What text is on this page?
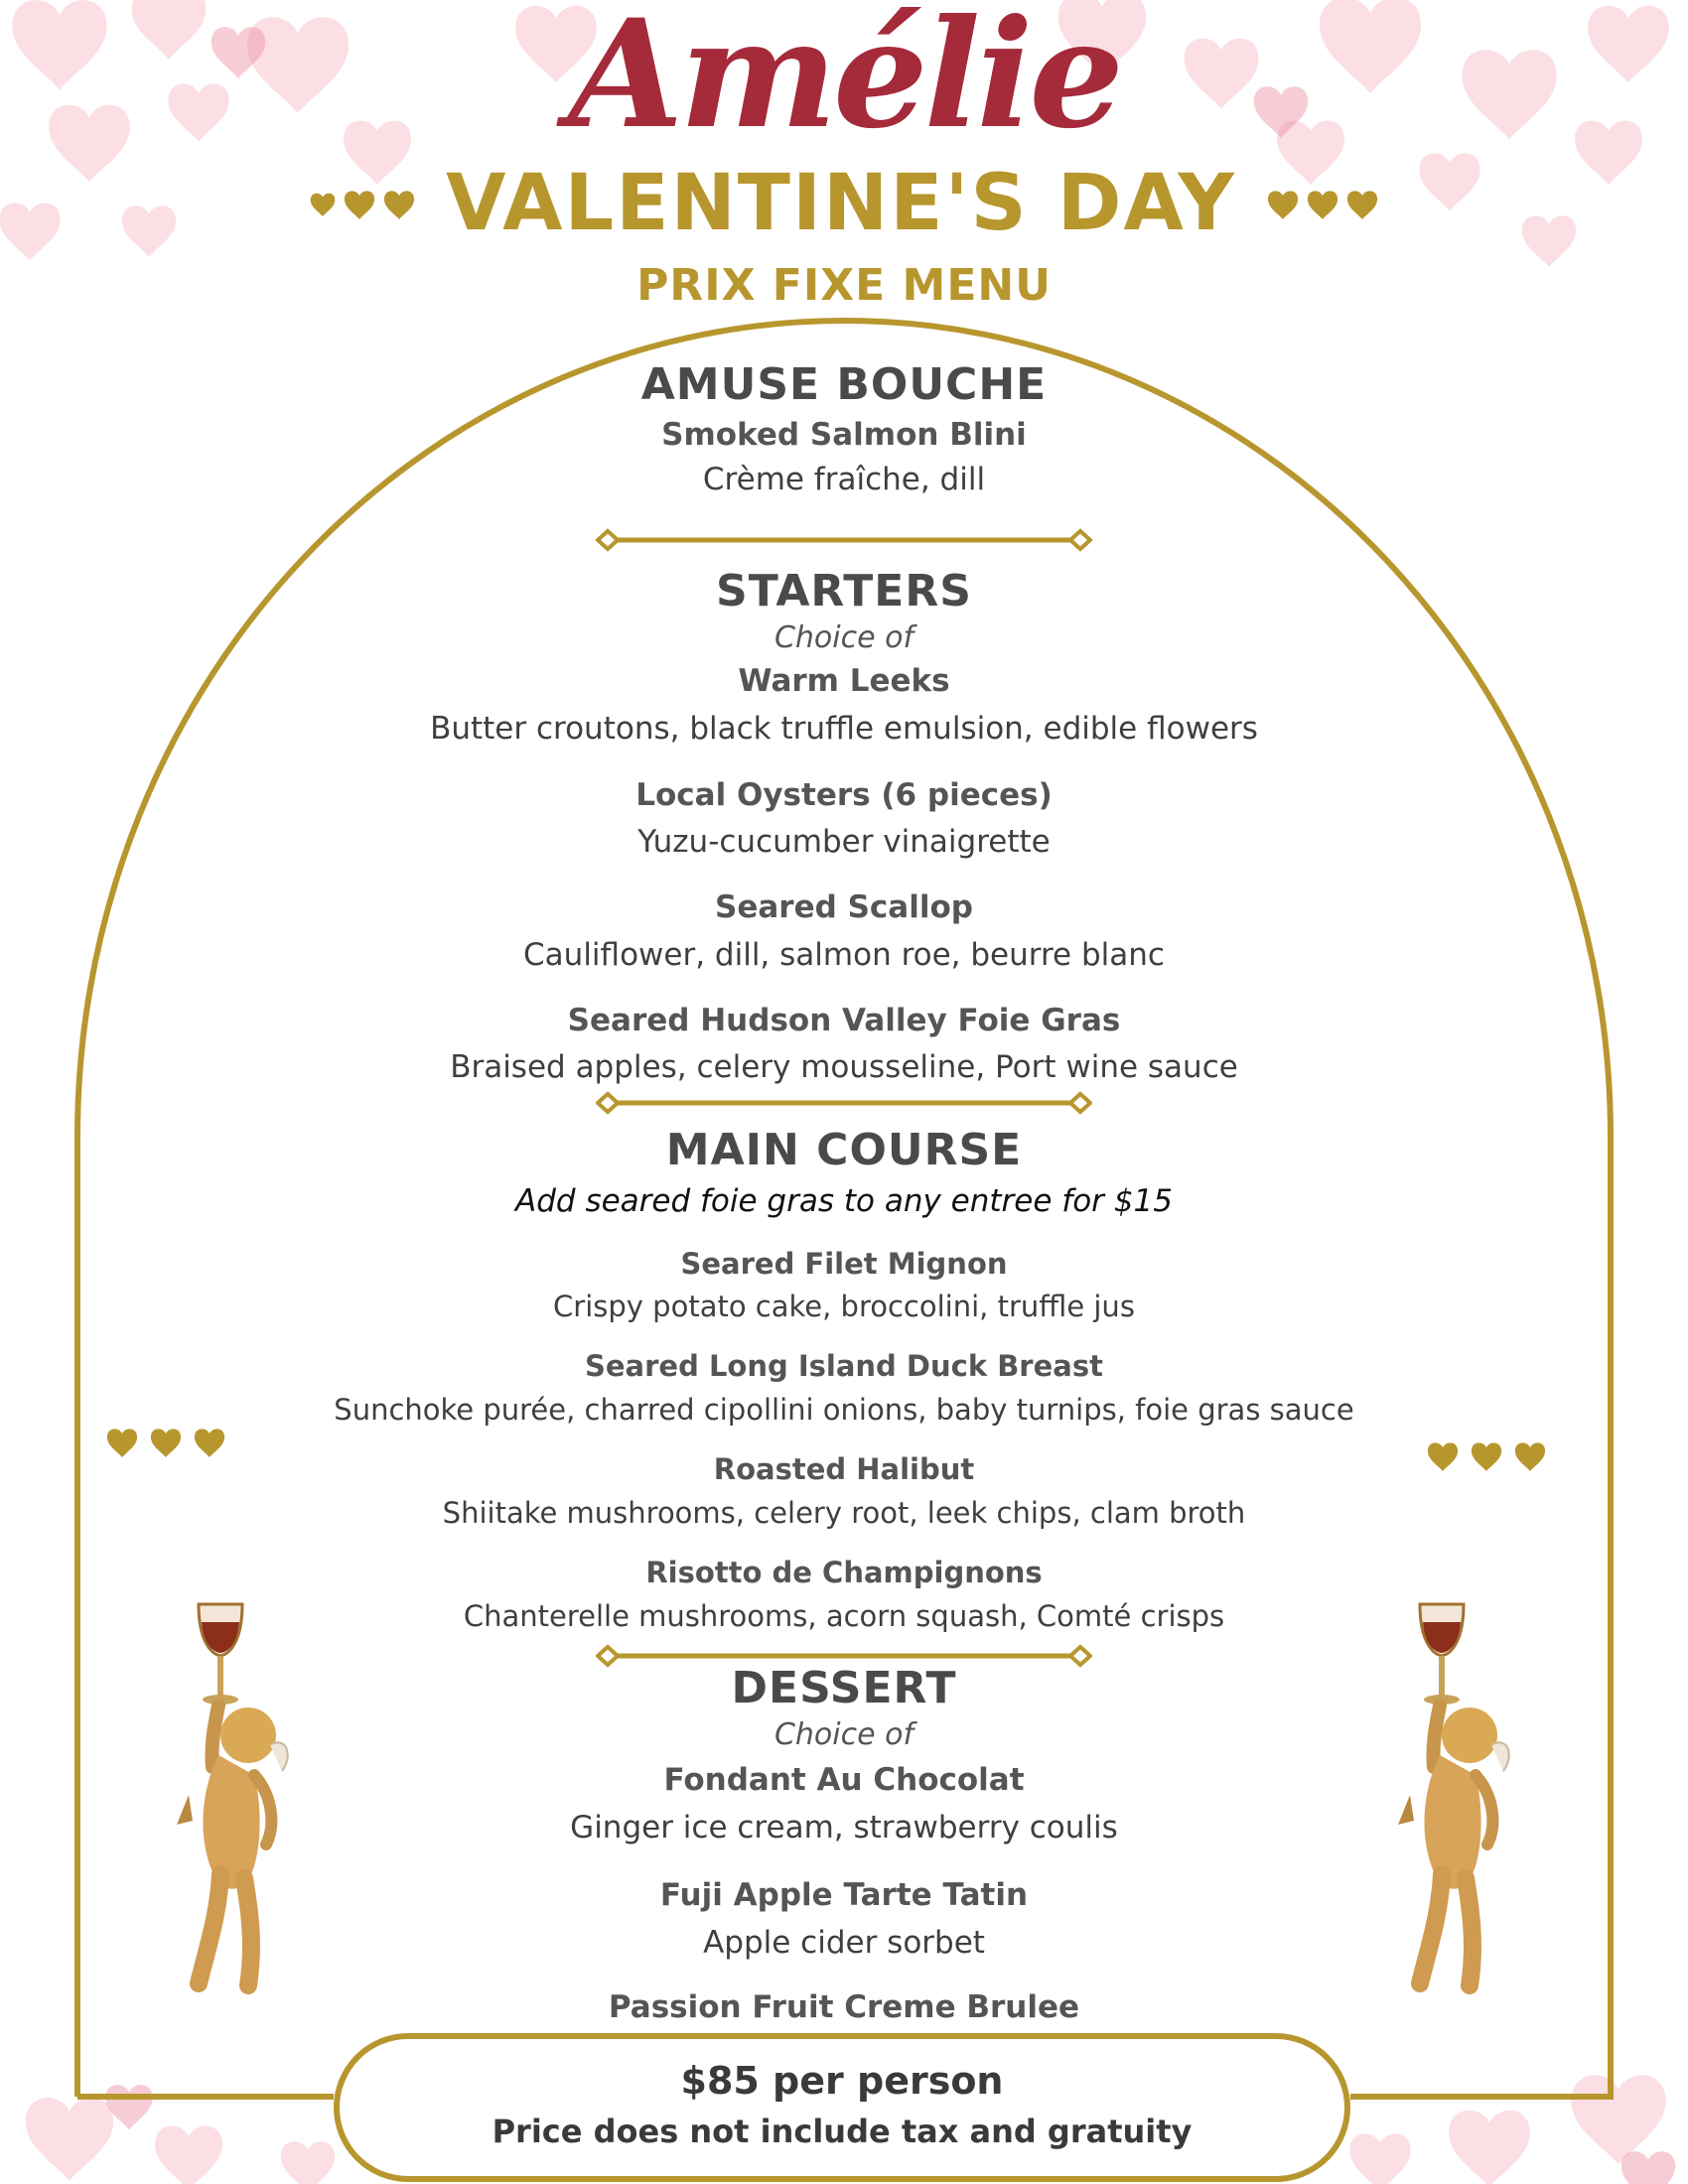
Amélie
VALENTINE'S DAY
PRIX FIXE MENU
AMUSE BOUCHE
Smoked Salmon Blini
Crème fraîche, dill
STARTERS
Choice of
Warm Leeks
Butter croutons, black truffle emulsion, edible flowers
Local Oysters (6 pieces)
Yuzu-cucumber vinaigrette
Seared Scallop
Cauliflower, dill, salmon roe, beurre blanc
Seared Hudson Valley Foie Gras
Braised apples, celery mousseline, Port wine sauce
MAIN COURSE
Add seared foie gras to any entree for $15
Seared Filet Mignon
Crispy potato cake, broccolini, truffle jus
Seared Long Island Duck Breast
Sunchoke purée, charred cipollini onions, baby turnips, foie gras sauce
Roasted Halibut
Shiitake mushrooms, celery root, leek chips, clam broth
Risotto de Champignons
Chanterelle mushrooms, acorn squash, Comté crisps
DESSERT
Choice of
Fondant Au Chocolat
Ginger ice cream, strawberry coulis
Fuji Apple Tarte Tatin
Apple cider sorbet
Passion Fruit Creme Brulee
$85 per person
Price does not include tax and gratuity
